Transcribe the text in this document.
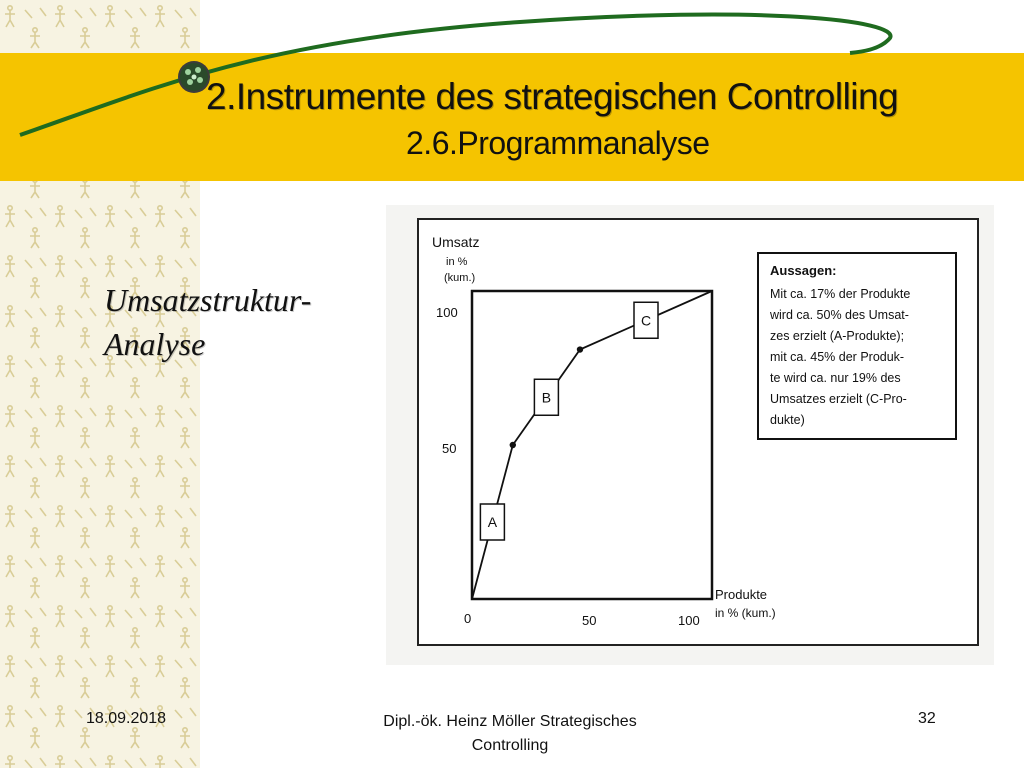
2.Instrumente des strategischen Controlling
2.6.Programmanalyse
Umsatzstruktur-
Analyse
Umsatz
in %
(kum.)
Produkte
in % (kum.)
0	50	100
50
100
A
B
C
Aussagen:
Mit ca. 17% der Produkte
wird ca. 50% des Umsat-
zes erzielt (A-Produkte);
mit ca. 45% der Produk-
te wird ca. nur 19% des
Umsatzes erzielt (C-Pro-
dukte)
18.09.2018	Dipl.-ök. Heinz Möller Strategisches
Controlling
32
